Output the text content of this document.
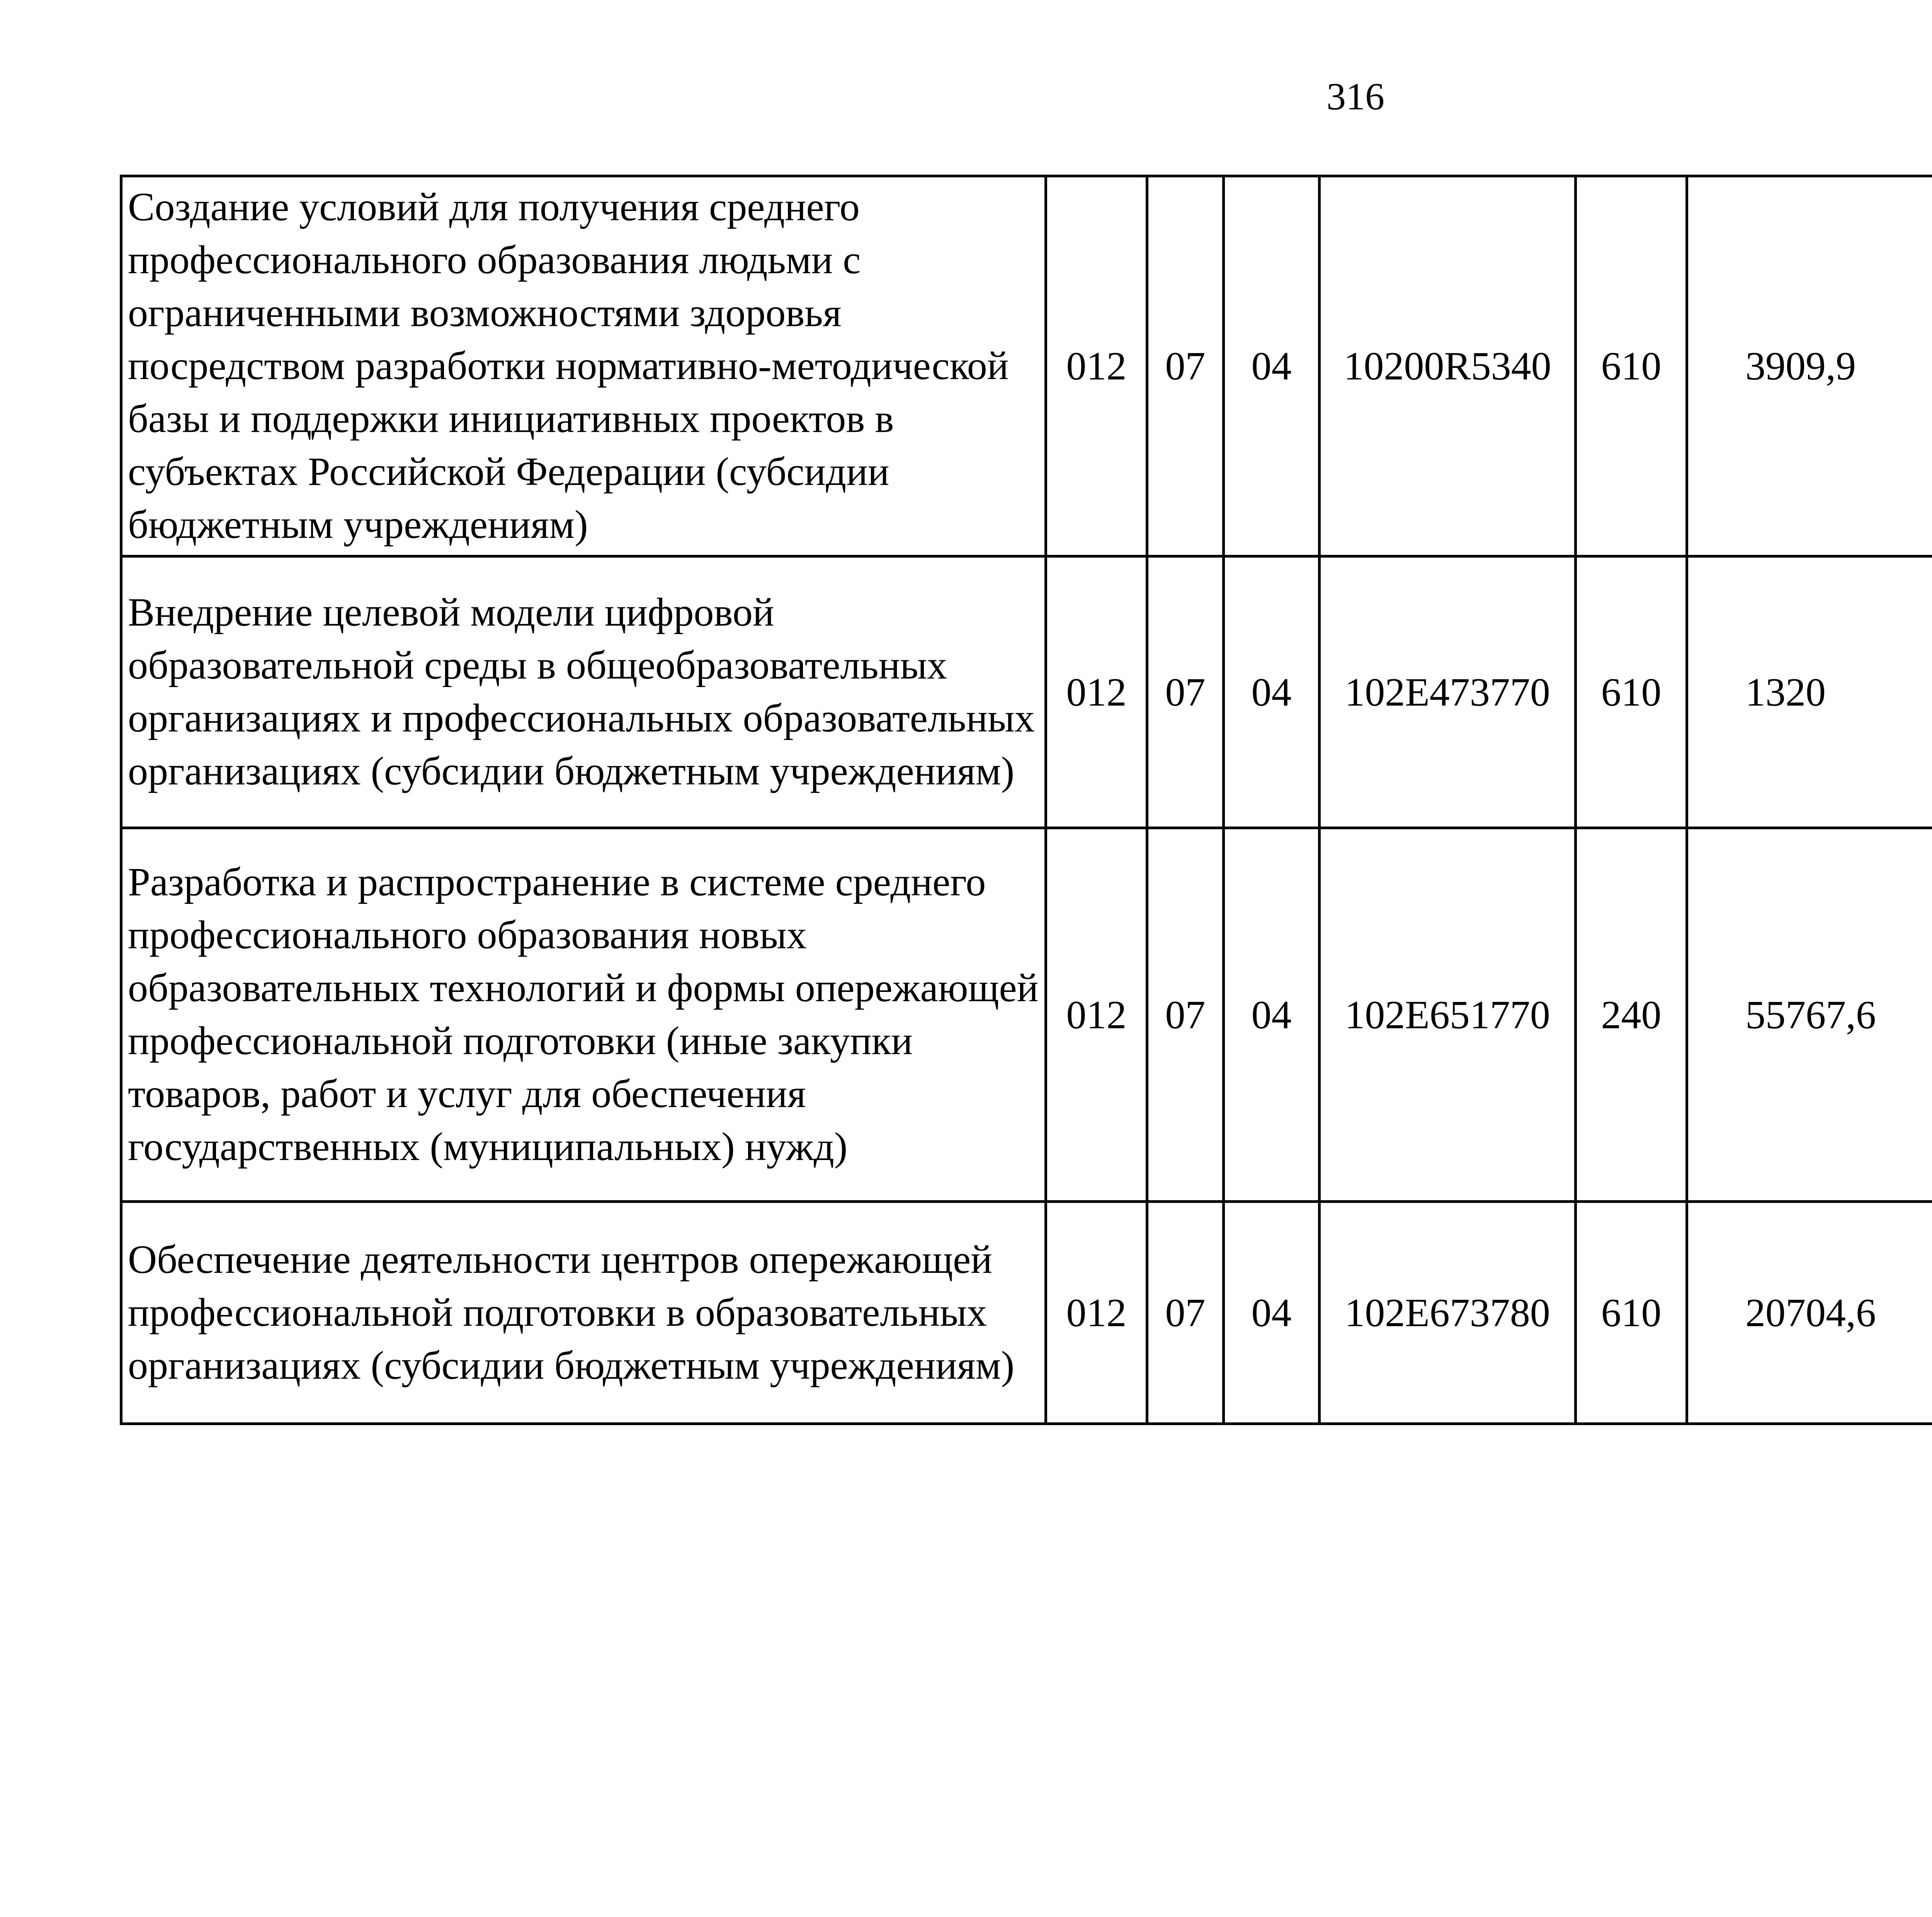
316
Создание условий для получения среднего профессионального образования людьми с ограниченными возможностями здоровья посредством разработки нормативно-методической базы и поддержки инициативных проектов в субъектах Российской Федерации (субсидии бюджетным учреждениям)	012	07	04	10200R5340	610	3909,9		
Внедрение целевой модели цифровой образовательной среды в общеобразовательных организациях и профессиональных образовательных организациях (субсидии бюджетным учреждениям)	012	07	04	102E473770	610	1320		
Разработка и распространение в системе среднего профессионального образования новых образовательных технологий и формы опережающей профессиональной подготовки (иные закупки товаров, работ и услуг для обеспечения государственных (муниципальных) нужд)	012	07	04	102E651770	240	55767,6		
Обеспечение деятельности центров опережающей профессиональной подготовки в образовательных организациях (субсидии бюджетным учреждениям)	012	07	04	102E673780	610	20704,6		
